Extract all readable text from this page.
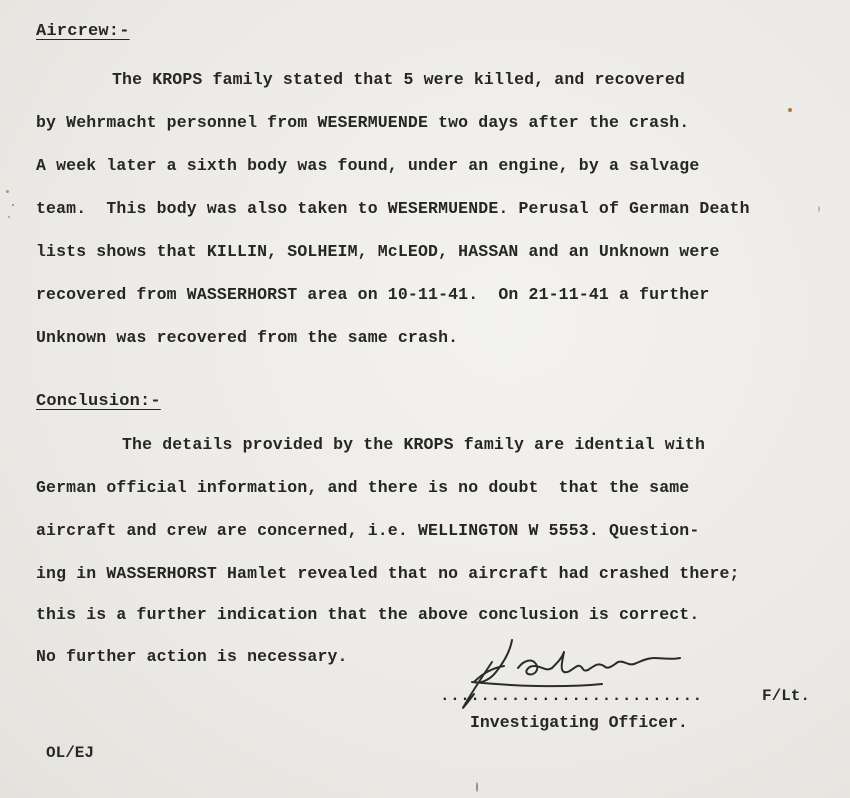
Aircrew:-
The KROPS family stated that 5 were killed, and recovered
by Wehrmacht personnel from WESERMUENDE two days after the crash.
A week later a sixth body was found, under an engine, by a salvage
team.  This body was also taken to WESERMUENDE. Perusal of German Death
lists shows that KILLIN, SOLHEIM, McLEOD, HASSAN and an Unknown were
recovered from WASSERHORST area on 10-11-41.  On 21-11-41 a further
Unknown was recovered from the same crash.
Conclusion:-
The details provided by the KROPS family are idential with
German official information, and there is no doubt  that the same
aircraft and crew are concerned, i.e. WELLINGTON W 5553. Question-
ing in WASSERHORST Hamlet revealed that no aircraft had crashed there;
this is a further indication that the above conclusion is correct.
No further action is necessary.
..........................	F/Lt.
Investigating Officer.
OL/EJ
